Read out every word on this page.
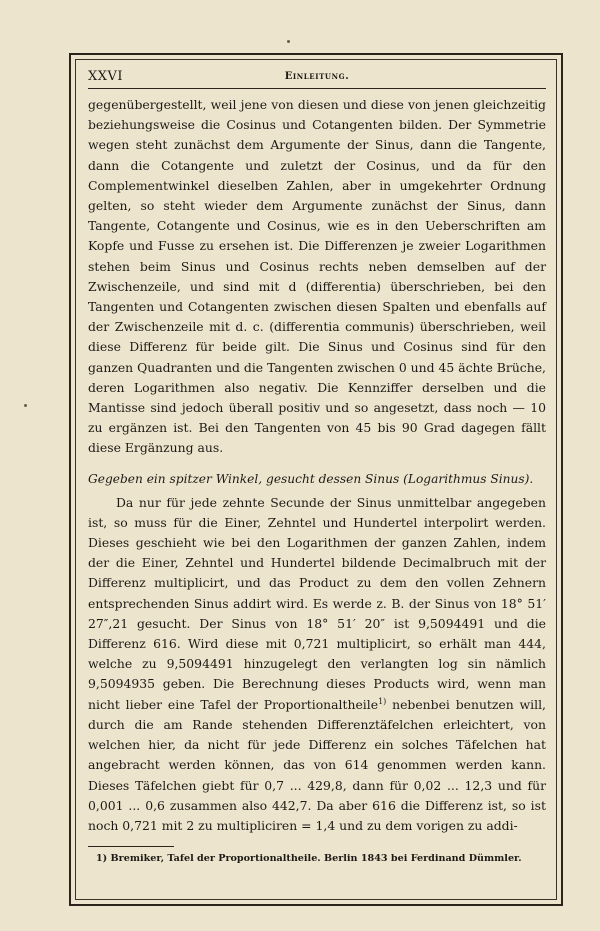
XXVI	Einleitung.

gegenübergestellt, weil jene von diesen und diese von jenen gleichzeitig beziehungsweise die Cosinus und Cotangenten bilden. Der Symmetrie wegen steht zunächst dem Argumente der Sinus, dann die Tangente, dann die Cotangente und zuletzt der Cosinus, und da für den Complementwinkel dieselben Zahlen, aber in umgekehrter Ordnung gelten, so steht wieder dem Argumente zunächst der Sinus, dann Tangente, Cotangente und Cosinus, wie es in den Ueberschriften am Kopfe und Fusse zu ersehen ist. Die Differenzen je zweier Logarithmen stehen beim Sinus und Cosinus rechts neben demselben auf der Zwischenzeile, und sind mit d (differentia) überschrieben, bei den Tangenten und Cotangenten zwischen diesen Spalten und ebenfalls auf der Zwischenzeile mit d. c. (differentia communis) überschrieben, weil diese Differenz für beide gilt. Die Sinus und Cosinus sind für den ganzen Quadranten und die Tangenten zwischen 0 und 45 ächte Brüche, deren Logarithmen also negativ. Die Kennziffer derselben und die Mantisse sind jedoch überall positiv und so angesetzt, dass noch — 10 zu ergänzen ist. Bei den Tangenten von 45 bis 90 Grad dagegen fällt diese Ergänzung aus.

Gegeben ein spitzer Winkel, gesucht dessen Sinus (Logarithmus Sinus).

Da nur für jede zehnte Secunde der Sinus unmittelbar angegeben ist, so muss für die Einer, Zehntel und Hundertel interpolirt werden. Dieses geschieht wie bei den Logarithmen der ganzen Zahlen, indem der die Einer, Zehntel und Hundertel bildende Decimalbruch mit der Differenz multiplicirt, und das Product zu dem den vollen Zehnern entsprechenden Sinus addirt wird. Es werde z. B. der Sinus von 18° 51′ 27″,21 gesucht. Der Sinus von 18° 51′ 20″ ist 9,5094491 und die Differenz 616. Wird diese mit 0,721 multiplicirt, so erhält man 444, welche zu 9,5094491 hinzugelegt den verlangten log sin nämlich 9,5094935 geben. Die Berechnung dieses Products wird, wenn man nicht lieber eine Tafel der Proportionaltheile$^{1)}$ nebenbei benutzen will, durch die am Rande stehenden Differenztäfelchen erleichtert, von welchen hier, da nicht für jede Differenz ein solches Täfelchen hat angebracht werden können, das von 614 genommen werden kann. Dieses Täfelchen giebt für 0,7 ... 429,8, dann für 0,02 ... 12,3 und für 0,001 ... 0,6 zusammen also 442,7. Da aber 616 die Differenz ist, so ist noch 0,721 mit 2 zu multipliciren = 1,4 und zu dem vorigen zu addi-

1) Bremiker, Tafel der Proportionaltheile. Berlin 1843 bei Ferdinand Dümmler.
